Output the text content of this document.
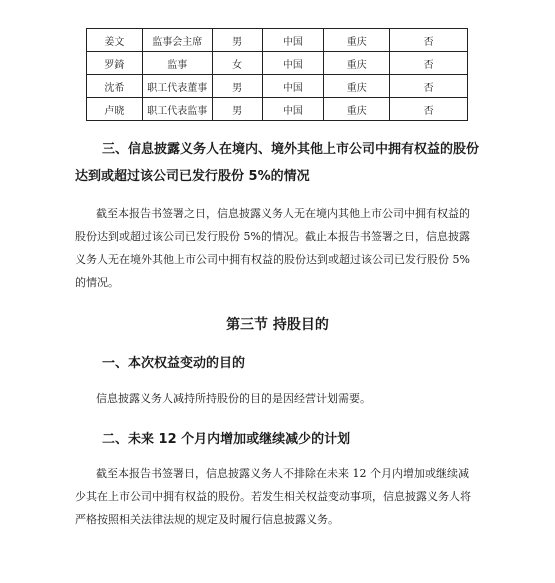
姜文	监事会主席	男	中国	重庆	否
罗錡	监事	女	中国	重庆	否
沈希	职工代表董事	男	中国	重庆	否
卢晓	职工代表监事	男	中国	重庆	否
三、信息披露义务人在境内、境外其他上市公司中拥有权益的股份
达到或超过该公司已发行股份 5%的情况

截至本报告书签署之日，信息披露义务人无在境内其他上市公司中拥有权益的

股份达到或超过该公司已发行股份 5%的情况。截止本报告书签署之日，信息披露

义务人无在境外其他上市公司中拥有权益的股份达到或超过该公司已发行股份 5%

的情况。

第三节 持股目的
一、本次权益变动的目的

信息披露义务人减持所持股份的目的是因经营计划需要。

二、未来 12 个月内增加或继续减少的计划

截至本报告书签署日，信息披露义务人不排除在未来 12 个月内增加或继续减

少其在上市公司中拥有权益的股份。若发生相关权益变动事项，信息披露义务人将

严格按照相关法律法规的规定及时履行信息披露义务。
